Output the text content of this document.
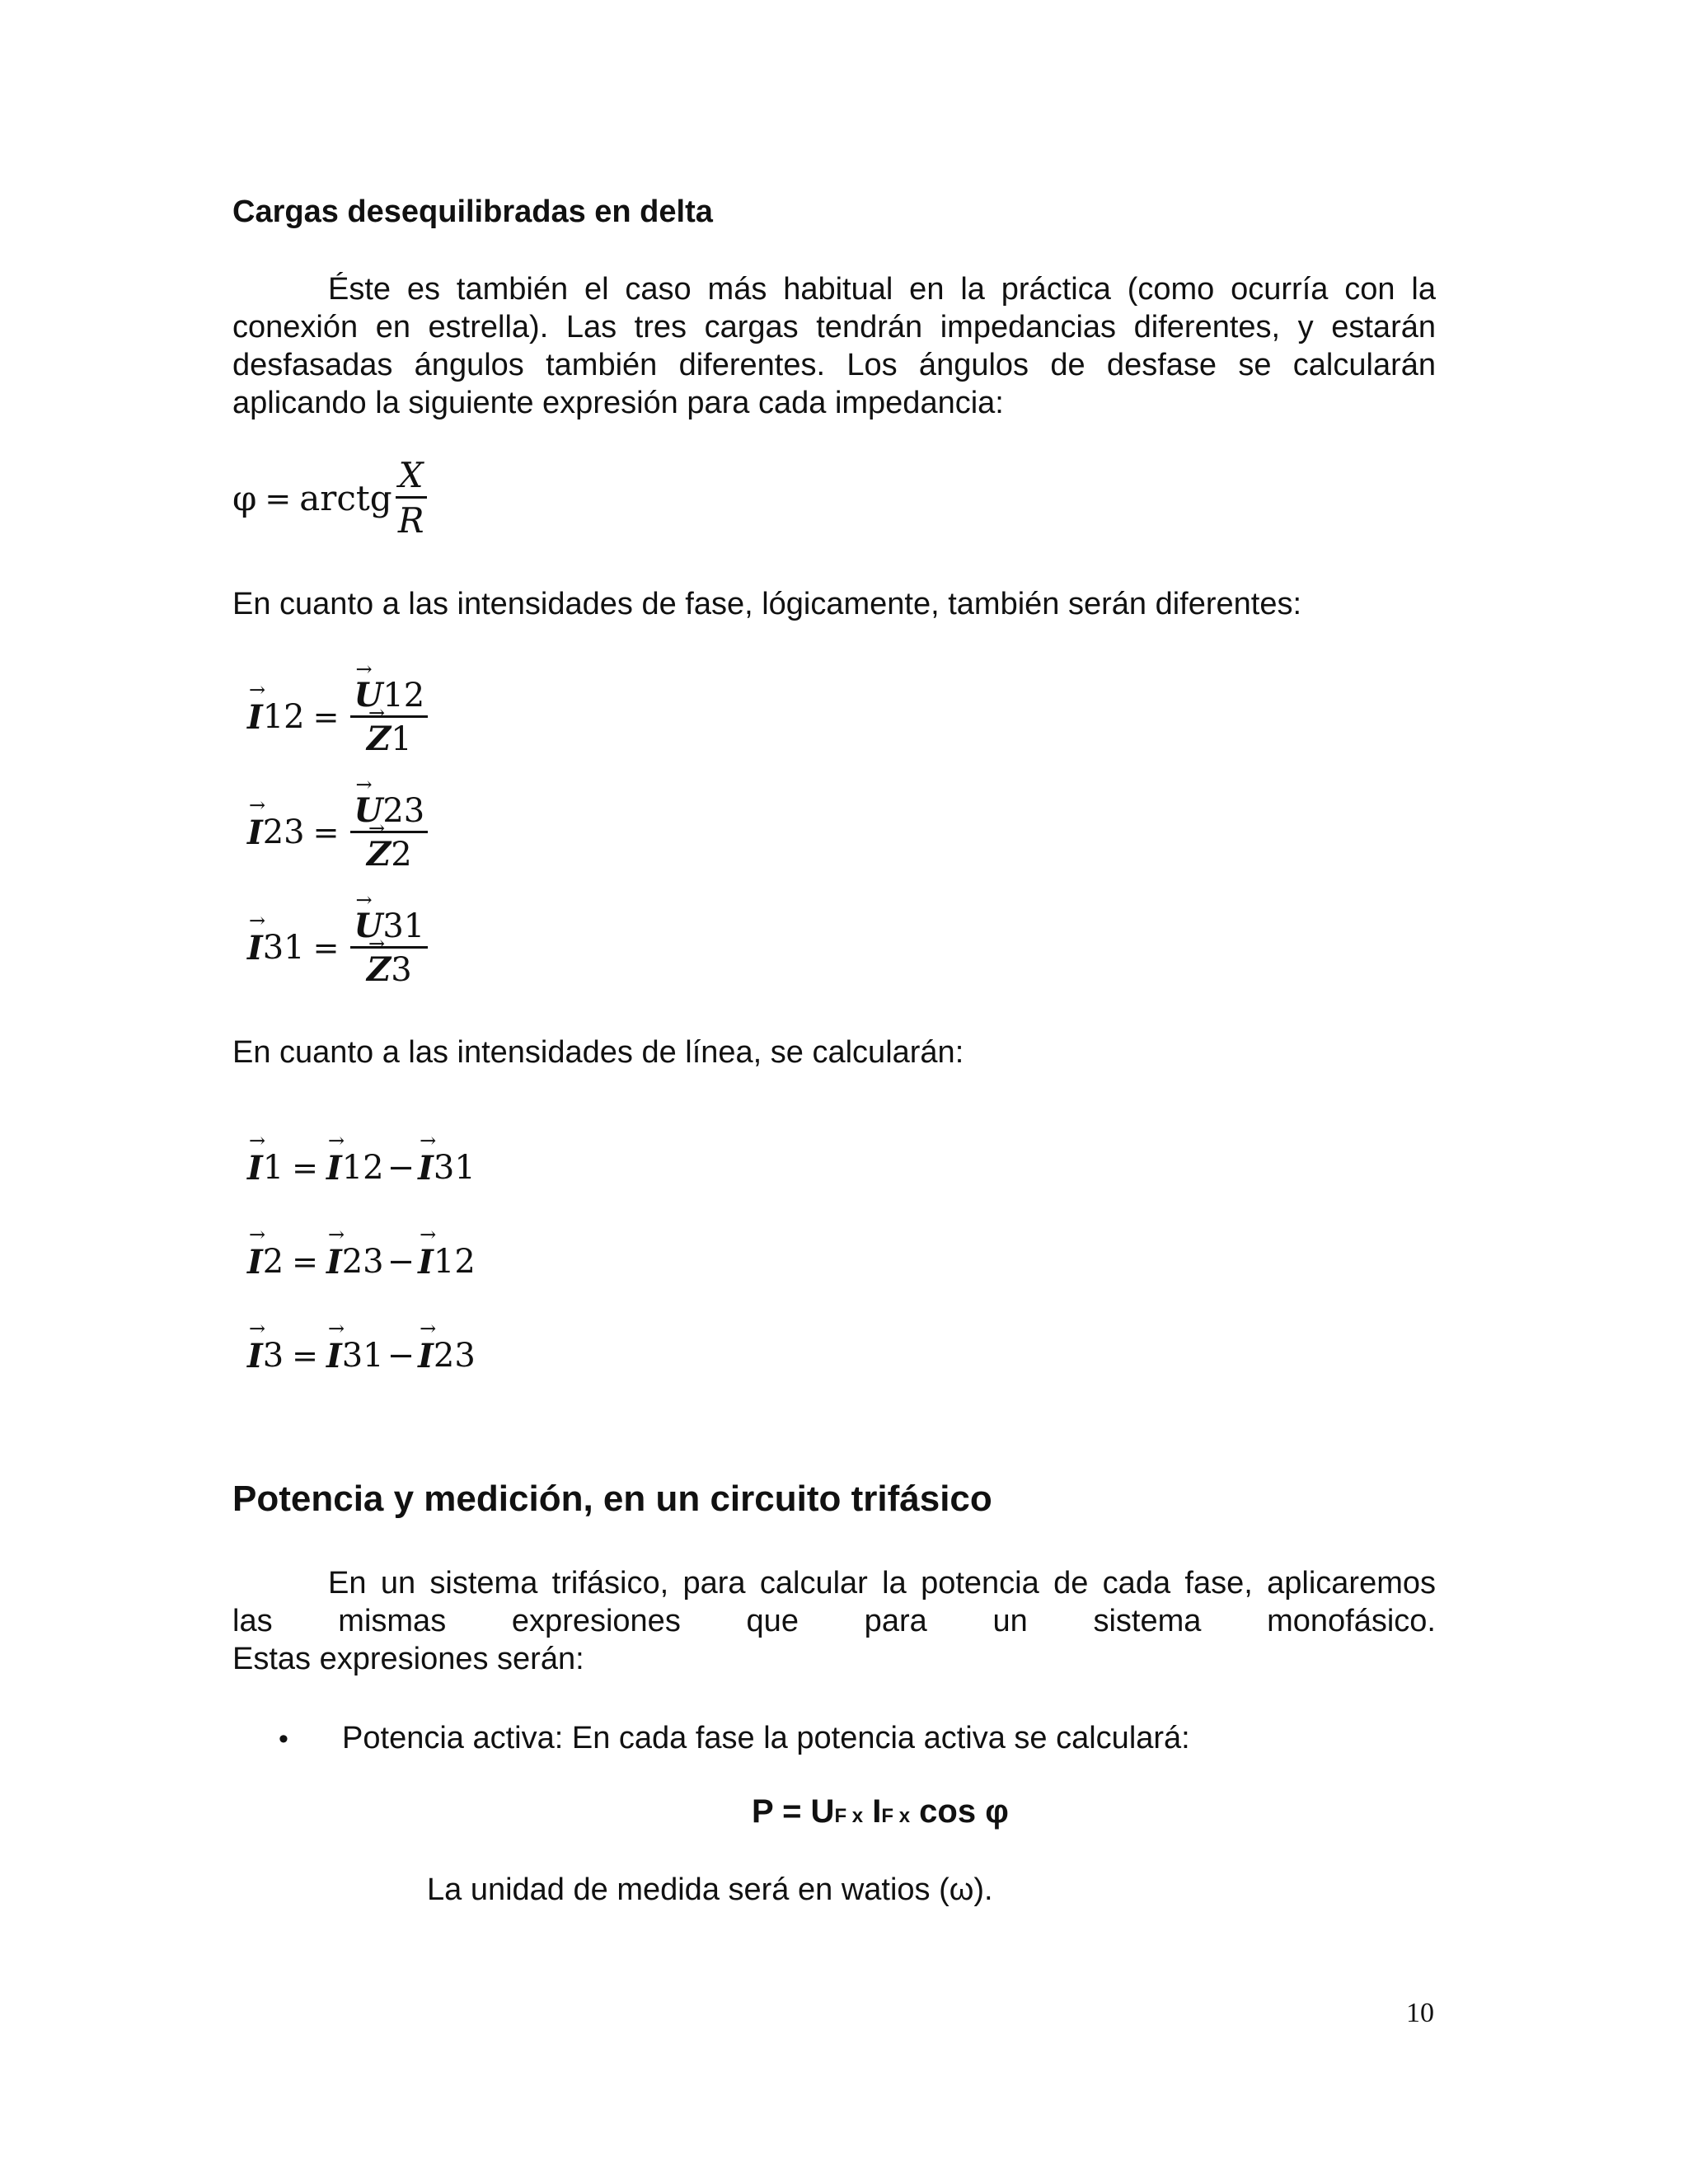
Cargas desequilibradas en delta
Éste es también el caso más habitual en la práctica (como ocurría con la
conexión en estrella). Las tres cargas tendrán impedancias diferentes, y estarán
desfasadas ángulos también diferentes. Los ángulos de desfase se calcularán
aplicando la siguiente expresión para cada impedancia:
φ = arctg $\frac{X}{R}$
En cuanto a las intensidades de fase, lógicamente, también serán diferentes:
→ I 12 = → U12
→ Z1
→ I 23 = → U23
→ Z2
→ I 31 = → U31
→ Z3
En cuanto a las intensidades de línea, se calcularán:
→ I 1 = → I 12 − → I 31
→ I 2 = → I 23 − → I 12
→ I 3 = → I 31 − → I 23
Potencia y medición, en un circuito trifásico
En un sistema trifásico, para calcular la potencia de cada fase, aplicaremos
las mismas expresiones que para un sistema monofásico.
Estas expresiones serán:
• Potencia activa: En cada fase la potencia activa se calculará:
P = UF x IF x cos φ
La unidad de medida será en watios (ω).
10
